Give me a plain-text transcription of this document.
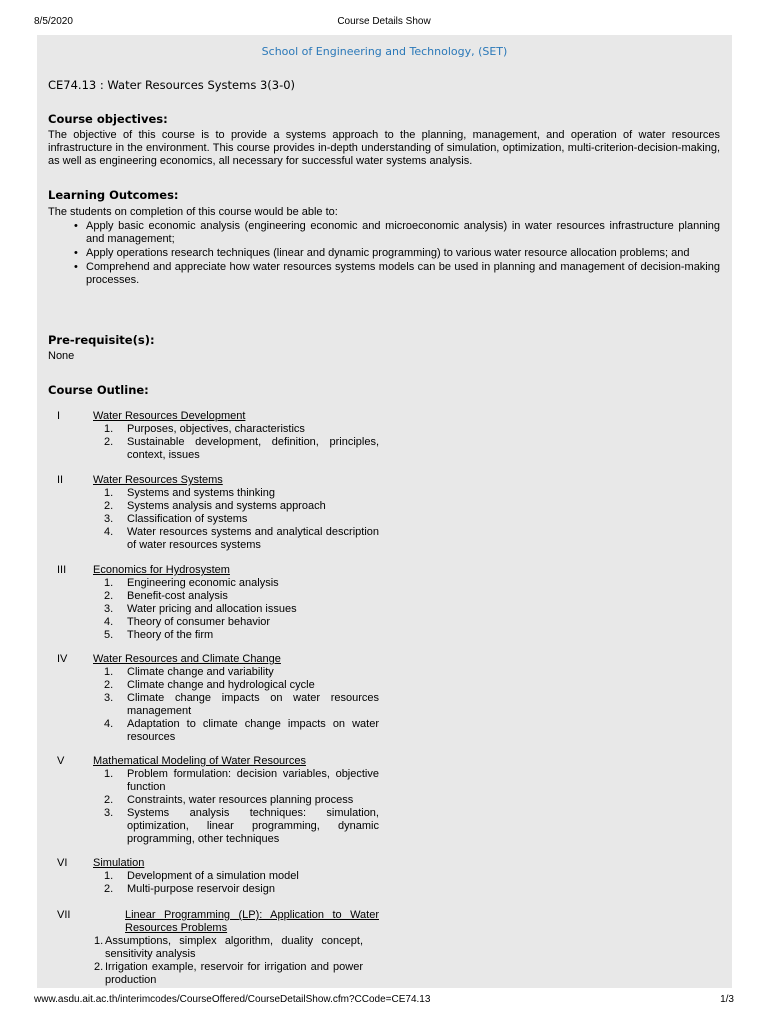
8/5/2020	Course Details Show
School of Engineering and Technology, (SET)
CE74.13 : Water Resources Systems 3(3-0)
Course objectives:
The objective of this course is to provide a systems approach to the planning, management, and operation of water resources infrastructure in the environment. This course provides in-depth understanding of simulation, optimization, multi-criterion-decision-making, as well as engineering economics, all necessary for successful water systems analysis.
Learning Outcomes:
The students on completion of this course would be able to:
• Apply basic economic analysis (engineering economic and microeconomic analysis) in water resources infrastructure planning and management;
• Apply operations research techniques (linear and dynamic programming) to various water resource allocation problems; and
• Comprehend and appreciate how water resources systems models can be used in planning and management of decision-making processes.
Pre-requisite(s):
None
Course Outline:
I	Water Resources Development
1. Purposes, objectives, characteristics
2. Sustainable development, definition, principles, context, issues
II	Water Resources Systems
1. Systems and systems thinking
2. Systems analysis and systems approach
3. Classification of systems
4. Water resources systems and analytical description of water resources systems
III Economics for Hydrosystem
1. Engineering economic analysis
2. Benefit-cost analysis
3. Water pricing and allocation issues
4. Theory of consumer behavior
5. Theory of the firm
IV Water Resources and Climate Change
1. Climate change and variability
2. Climate change and hydrological cycle
3. Climate change impacts on water resources management
4. Adaptation to climate change impacts on water resources
V	Mathematical Modeling of Water Resources
1. Problem formulation: decision variables, objective function
2. Constraints, water resources planning process
3. Systems analysis techniques: simulation, optimization, linear programming, dynamic programming, other techniques
VI Simulation
1. Development of a simulation model
2. Multi-purpose reservoir design
VII	Linear Programming (LP): Application to Water Resources Problems
1. Assumptions, simplex algorithm, duality concept, sensitivity analysis
2. Irrigation example, reservoir for irrigation and power production
www.asdu.ait.ac.th/interimcodes/CourseOffered/CourseDetailShow.cfm?CCode=CE74.13	1/3
